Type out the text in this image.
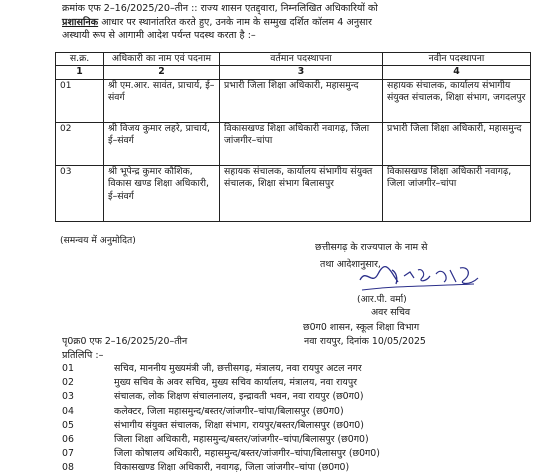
क्रमांक एफ 2–16/2025/20–तीन :: राज्य शासन एतद्द्वारा, निम्नलिखित अधिकारियों को
प्रशासनिक आधार पर स्थानांतरित करते हुए, उनके नाम के सम्मुख दर्शित कॉलम 4 अनुसार
अस्थायी रूप से आगामी आदेश पर्यन्त पदस्थ करता है :–
स.क्र.	अधिकारी का नाम एवं पदनाम	वर्तमान पदस्थापना	नवीन पदस्थापना
1	2	3	4
01	श्री एम.आर. सावंत, प्राचार्य, ई–संवर्ग	प्रभारी जिला शिक्षा अधिकारी, महासमुन्द	सहायक संचालक, कार्यालय संभागीय संयुक्त संचालक, शिक्षा संभाग, जगदलपुर
02	श्री विजय कुमार लहरे, प्राचार्य, ई–संवर्ग	विकासखण्ड शिक्षा अधिकारी नवागढ़, जिला जांजगीर–चांपा	प्रभारी जिला शिक्षा अधिकारी, महासमुन्द
03	श्री भूपेन्द्र कुमार कौशिक, विकास खण्ड शिक्षा अधिकारी, ई–संवर्ग	सहायक संचालक, कार्यालय संभागीय संयुक्त संचालक, शिक्षा संभाग बिलासपुर	विकासखण्ड शिक्षा अधिकारी नवागढ़, जिला जांजगीर–चांपा
(समन्वय में अनुमोदित)
छत्तीसगढ़ के राज्यपाल के नाम से
तथा आदेशानुसार,
(आर.पी. वर्मा)
अवर सचिव
छ0ग0 शासन, स्कूल शिक्षा विभाग
नवा रायपुर, दिनांक 10/05/2025
पृ0क्र0 एफ 2–16/2025/20–तीन
प्रतिलिपि :–
01	सचिव, माननीय मुख्यमंत्री जी, छत्तीसगढ़, मंत्रालय, नवा रायपुर अटल नगर
02	मुख्य सचिव के अवर सचिव, मुख्य सचिव कार्यालय, मंत्रालय, नवा रायपुर
03	संचालक, लोक शिक्षण संचालनालय, इन्द्रावती भवन, नवा रायपुर (छ0ग0)
04	कलेक्टर, जिला महासमुन्द/बस्तर/जांजगीर–चांपा/बिलासपुर (छ0ग0)
05	संभागीय संयुक्त संचालक, शिक्षा संभाग, रायपुर/बस्तर/बिलासपुर (छ0ग0)
06	जिला शिक्षा अधिकारी, महासमुन्द/बस्तर/जांजगीर–चांपा/बिलासपुर (छ0ग0)
07	जिला कोषालय अधिकारी, महासमुन्द/बस्तर/जांजगीर–चांपा/बिलासपुर (छ0ग0)
08	विकासखण्ड शिक्षा अधिकारी, नवागढ़, जिला जांजगीर–चांपा (छ0ग0)
